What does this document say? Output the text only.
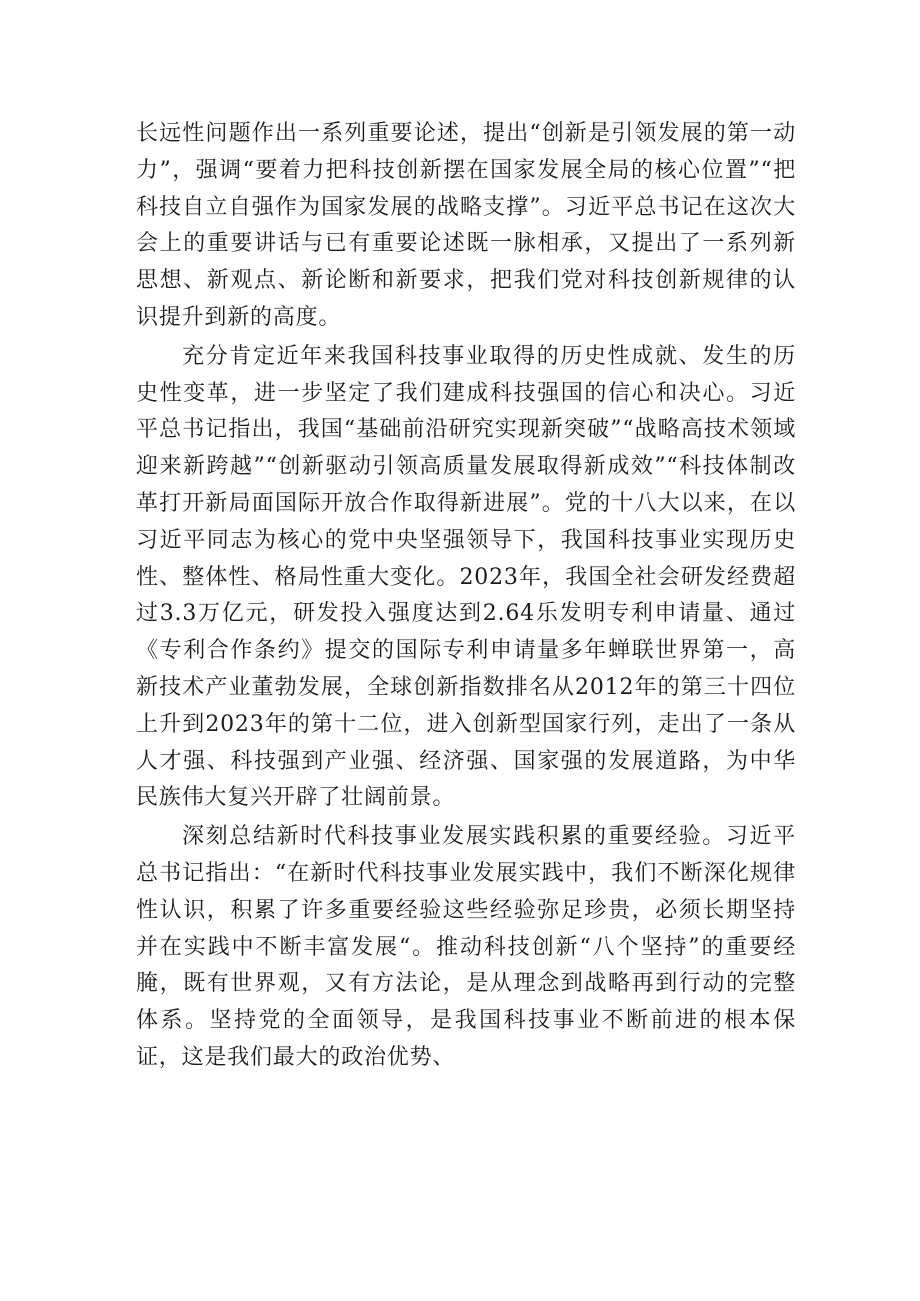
长远性问题作出一系列重要论述，提出“创新是引领发展的第一动力”，强调“要着力把科技创新摆在国家发展全局的核心位置”“把科技自立自强作为国家发展的战略支撑”。习近平总书记在这次大会上的重要讲话与已有重要论述既一脉相承，又提出了一系列新思想、新观点、新论断和新要求，把我们党对科技创新规律的认识提升到新的高度。

充分肯定近年来我国科技事业取得的历史性成就、发生的历史性变革，进一步坚定了我们建成科技强国的信心和决心。习近平总书记指出，我国“基础前沿研究实现新突破”“战略高技术领域迎来新跨越”“创新驱动引领高质量发展取得新成效”“科技体制改革打开新局面国际开放合作取得新进展”。党的十八大以来，在以习近平同志为核心的党中央坚强领导下，我国科技事业实现历史性、整体性、格局性重大变化。2023年，我国全社会研发经费超过3.3万亿元，研发投入强度达到2.64乐发明专利申请量、通过《专利合作条约》提交的国际专利申请量多年蝉联世界第一，高新技术产业董勃发展，全球创新指数排名从2012年的第三十四位上升到2023年的第十二位，进入创新型国家行列，走出了一条从人才强、科技强到产业强、经济强、国家强的发展道路，为中华民族伟大复兴开辟了壮阔前景。

深刻总结新时代科技事业发展实践积累的重要经验。习近平总书记指出：“在新时代科技事业发展实践中，我们不断深化规律性认识，积累了许多重要经验这些经验弥足珍贵，必须长期坚持并在实践中不断丰富发展“。推动科技创新“八个坚持”的重要经腌，既有世界观，又有方法论，是从理念到战略再到行动的完整体系。坚持党的全面领导，是我国科技事业不断前进的根本保证，这是我们最大的政治优势、
